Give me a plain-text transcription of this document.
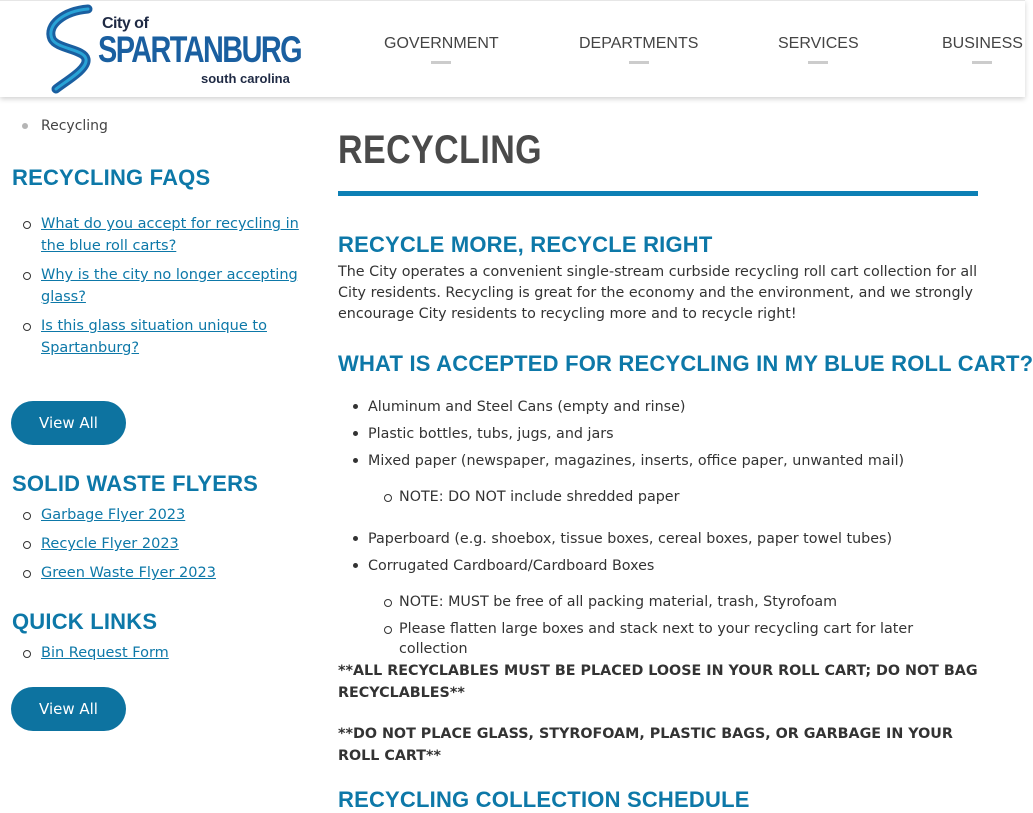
City of
SPARTANBURG
south carolina
GOVERNMENT	DEPARTMENTS	SERVICES	BUSINESS
Recycling
RECYCLING FAQS
What do you accept for recycling in the blue roll carts?
Why is the city no longer accepting glass?
Is this glass situation unique to Spartanburg?
View All
SOLID WASTE FLYERS
Garbage Flyer 2023
Recycle Flyer 2023
Green Waste Flyer 2023
QUICK LINKS
Bin Request Form
View All
RECYCLING
RECYCLE MORE, RECYCLE RIGHT
The City operates a convenient single-stream curbside recycling roll cart collection for all City residents. Recycling is great for the economy and the environment, and we strongly encourage City residents to recycling more and to recycle right!
WHAT IS ACCEPTED FOR RECYCLING IN MY BLUE ROLL CART?
Aluminum and Steel Cans (empty and rinse)
Plastic bottles, tubs, jugs, and jars
Mixed paper (newspaper, magazines, inserts, office paper, unwanted mail)
NOTE: DO NOT include shredded paper
Paperboard (e.g. shoebox, tissue boxes, cereal boxes, paper towel tubes)
Corrugated Cardboard/Cardboard Boxes
NOTE: MUST be free of all packing material, trash, Styrofoam
Please flatten large boxes and stack next to your recycling cart for later collection
**ALL RECYCLABLES MUST BE PLACED LOOSE IN YOUR ROLL CART; DO NOT BAG RECYCLABLES**
**DO NOT PLACE GLASS, STYROFOAM, PLASTIC BAGS, OR GARBAGE IN YOUR ROLL CART**
RECYCLING COLLECTION SCHEDULE
